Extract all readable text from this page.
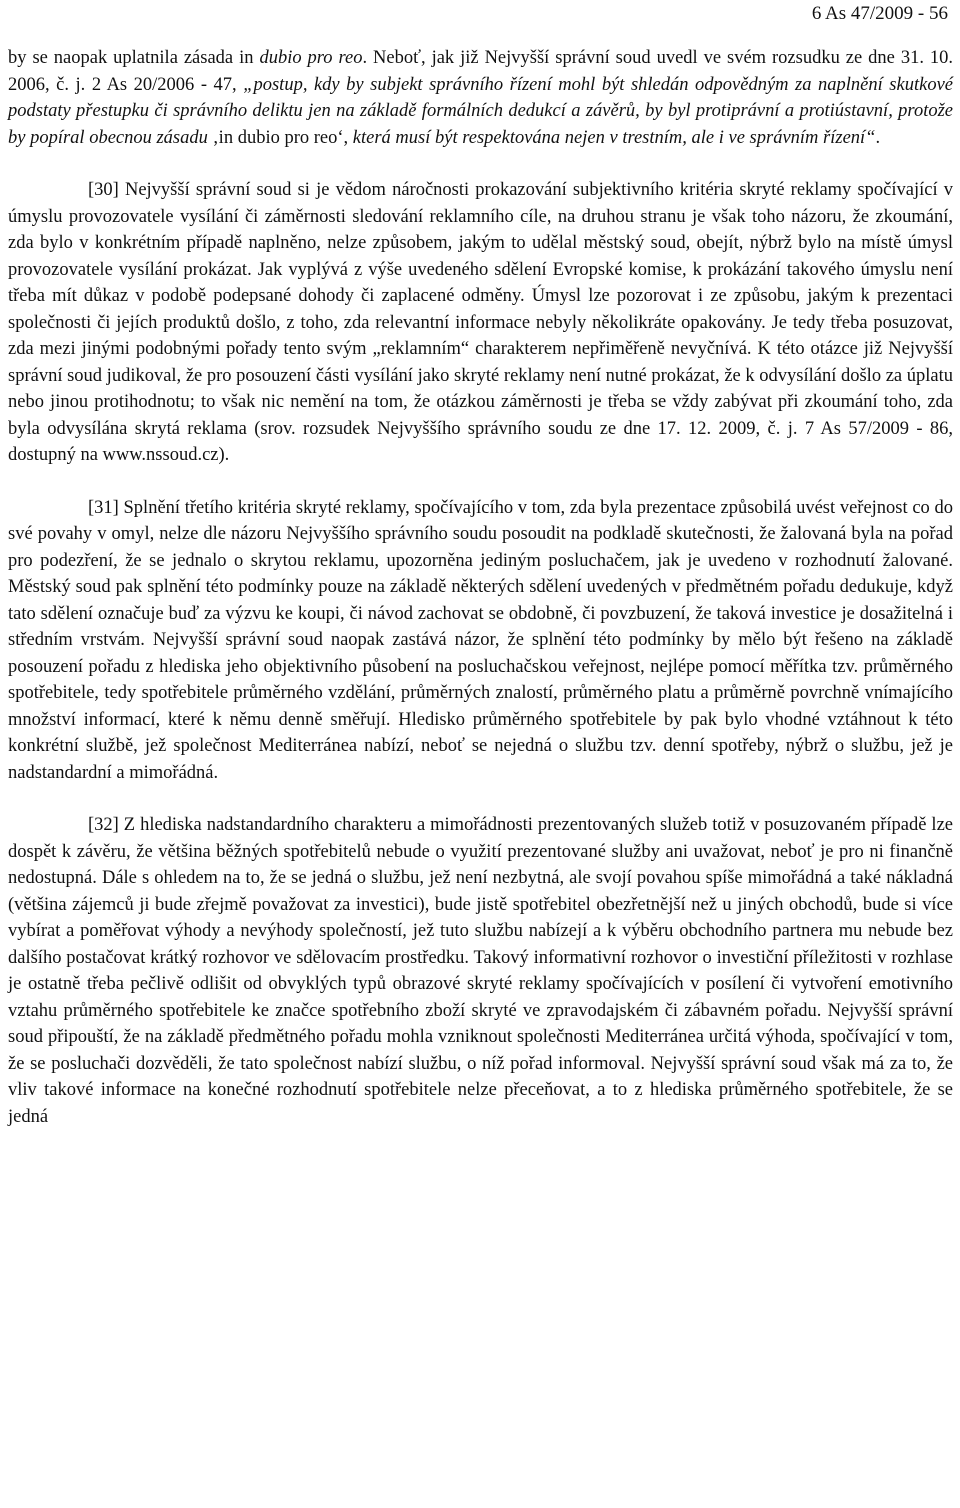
6 As 47/2009 - 56

by se naopak uplatnila zásada in dubio pro reo. Neboť, jak již Nejvyšší správní soud uvedl ve svém rozsudku ze dne 31. 10. 2006, č. j. 2 As 20/2006 - 47, „postup, kdy by subjekt správního řízení mohl být shledán odpovědným za naplnění skutkové podstaty přestupku či správního deliktu jen na základě formálních dedukcí a závěrů, by byl protiprávní a protiústavní, protože by popíral obecnou zásadu ‚in dubio pro reo‘, která musí být respektována nejen v trestním, ale i ve správním řízení“.

[30] Nejvyšší správní soud si je vědom náročnosti prokazování subjektivního kritéria skryté reklamy spočívající v úmyslu provozovatele vysílání či záměrnosti sledování reklamního cíle, na druhou stranu je však toho názoru, že zkoumání, zda bylo v konkrétním případě naplněno, nelze způsobem, jakým to udělal městský soud, obejít, nýbrž bylo na místě úmysl provozovatele vysílání prokázat. Jak vyplývá z výše uvedeného sdělení Evropské komise, k prokázání takového úmyslu není třeba mít důkaz v podobě podepsané dohody či zaplacené odměny. Úmysl lze pozorovat i ze způsobu, jakým k prezentaci společnosti či jejích produktů došlo, z toho, zda relevantní informace nebyly několikráte opakovány. Je tedy třeba posuzovat, zda mezi jinými podobnými pořady tento svým „reklamním“ charakterem nepřiměřeně nevyčnívá. K této otázce již Nejvyšší správní soud judikoval, že pro posouzení části vysílání jako skryté reklamy není nutné prokázat, že k odvysílání došlo za úplatu nebo jinou protihodnotu; to však nic nemění na tom, že otázkou záměrnosti je třeba se vždy zabývat při zkoumání toho, zda byla odvysílána skrytá reklama (srov. rozsudek Nejvyššího správního soudu ze dne 17. 12. 2009, č. j. 7 As 57/2009 - 86, dostupný na www.nssoud.cz).

[31] Splnění třetího kritéria skryté reklamy, spočívajícího v tom, zda byla prezentace způsobilá uvést veřejnost co do své povahy v omyl, nelze dle názoru Nejvyššího správního soudu posoudit na podkladě skutečnosti, že žalovaná byla na pořad pro podezření, že se jednalo o skrytou reklamu, upozorněna jediným posluchačem, jak je uvedeno v rozhodnutí žalované. Městský soud pak splnění této podmínky pouze na základě některých sdělení uvedených v předmětném pořadu dedukuje, když tato sdělení označuje buď za výzvu ke koupi, či návod zachovat se obdobně, či povzbuzení, že taková investice je dosažitelná i středním vrstvám. Nejvyšší správní soud naopak zastává názor, že splnění této podmínky by mělo být řešeno na základě posouzení pořadu z hlediska jeho objektivního působení na posluchačskou veřejnost, nejlépe pomocí měřítka tzv. průměrného spotřebitele, tedy spotřebitele průměrného vzdělání, průměrných znalostí, průměrného platu a průměrně povrchně vnímajícího množství informací, které k němu denně směřují. Hledisko průměrného spotřebitele by pak bylo vhodné vztáhnout k této konkrétní službě, jež společnost Mediterránea nabízí, neboť se nejedná o službu tzv. denní spotřeby, nýbrž o službu, jež je nadstandardní a mimořádná.

[32] Z hlediska nadstandardního charakteru a mimořádnosti prezentovaných služeb totiž v posuzovaném případě lze dospět k závěru, že většina běžných spotřebitelů nebude o využití prezentované služby ani uvažovat, neboť je pro ni finančně nedostupná. Dále s ohledem na to, že se jedná o službu, jež není nezbytná, ale svojí povahou spíše mimořádná a také nákladná (většina zájemců ji bude zřejmě považovat za investici), bude jistě spotřebitel obezřetnější než u jiných obchodů, bude si více vybírat a poměřovat výhody a nevýhody společností, jež tuto službu nabízejí a k výběru obchodního partnera mu nebude bez dalšího postačovat krátký rozhovor ve sdělovacím prostředku. Takový informativní rozhovor o investiční příležitosti v rozhlase je ostatně třeba pečlivě odlišit od obvyklých typů obrazové skryté reklamy spočívajících v posílení či vytvoření emotivního vztahu průměrného spotřebitele ke značce spotřebního zboží skryté ve zpravodajském či zábavném pořadu. Nejvyšší správní soud připouští, že na základě předmětného pořadu mohla vzniknout společnosti Mediterránea určitá výhoda, spočívající v tom, že se posluchači dozvěděli, že tato společnost nabízí službu, o níž pořad informoval. Nejvyšší správní soud však má za to, že vliv takové informace na konečné rozhodnutí spotřebitele nelze přeceňovat, a to z hlediska průměrného spotřebitele, že se jedná
